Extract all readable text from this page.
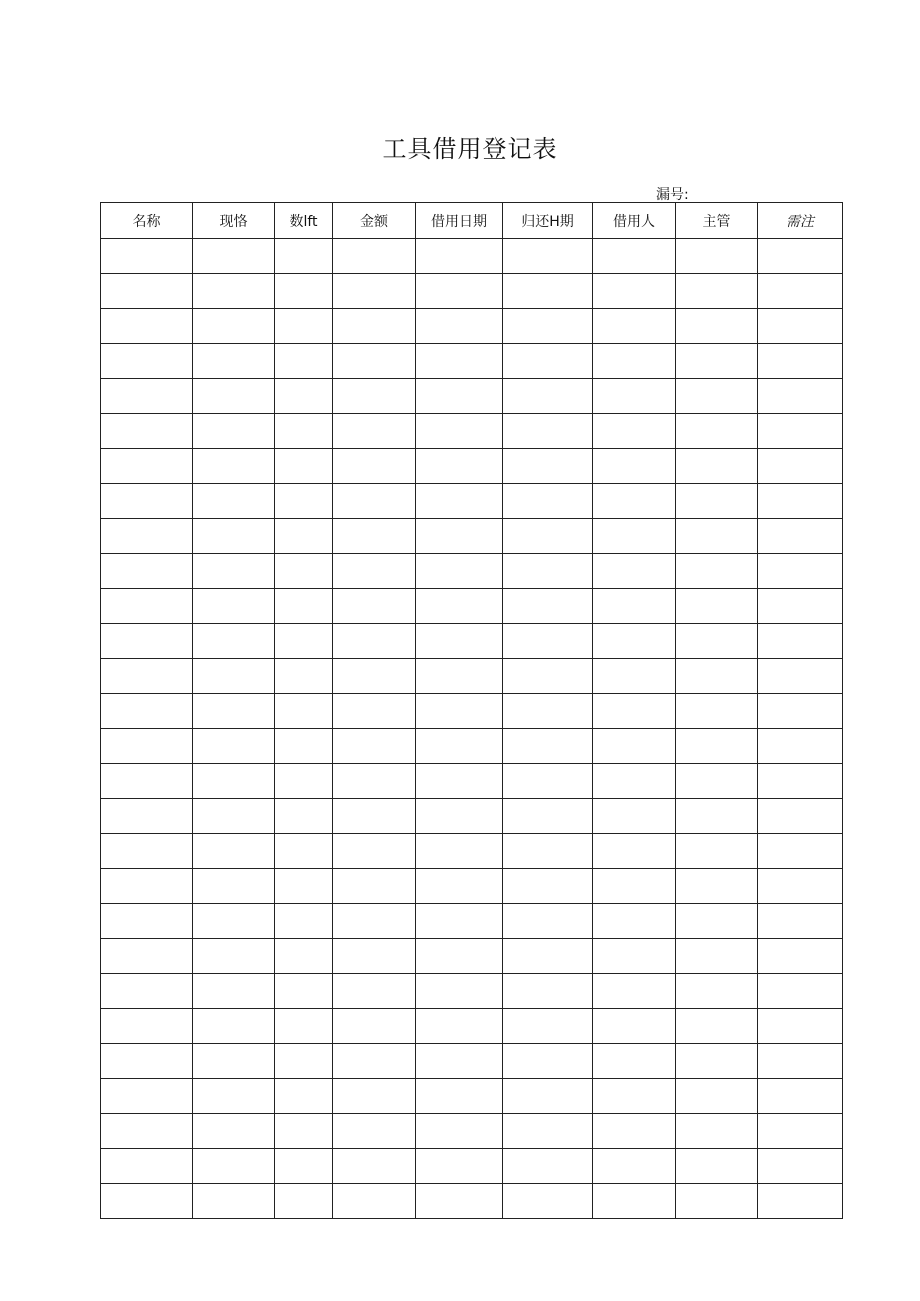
工具借用登记表
漏号:
名称	现恪	数lft	金额	借用日期	归还H期	借用人	主管	需注
